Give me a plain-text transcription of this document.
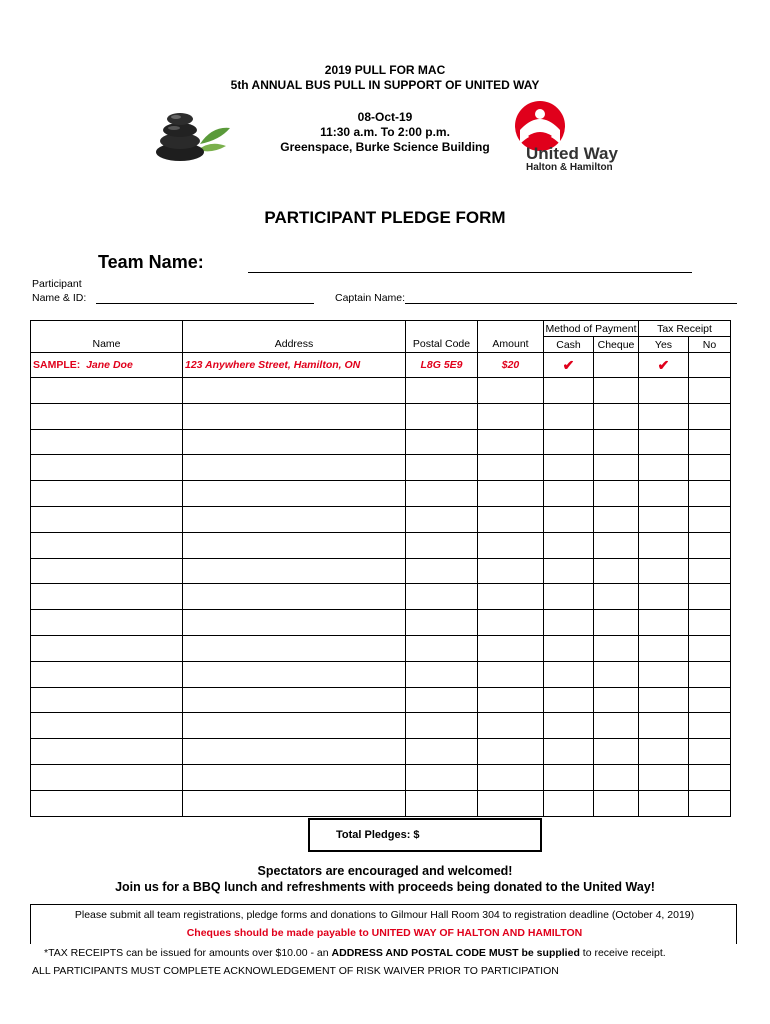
2019 PULL FOR MAC
5th ANNUAL BUS PULL IN SUPPORT OF UNITED WAY
08-Oct-19
11:30 a.m. To 2:00 p.m.
Greenspace, Burke Science Building	United Way
Halton & Hamilton
PARTICIPANT PLEDGE FORM
Team Name:
Participant
Name & ID:	Captain Name:
Name	Address	Postal Code	Amount	Method of Payment		Tax Receipt	
				Cash	Cheque	Yes	No
SAMPLE: Jane Doe	123 Anywhere Street, Hamilton, ON	L8G 5E9	$20	✔		✔	

Total Pledges: $
Spectators are encouraged and welcomed!
Join us for a BBQ lunch and refreshments with proceeds being donated to the United Way!
Please submit all team registrations, pledge forms and donations to Gilmour Hall Room 304 to registration deadline (October 4, 2019)
Cheques should be made payable to UNITED WAY OF HALTON AND HAMILTON
*TAX RECEIPTS can be issued for amounts over $10.00 - an ADDRESS AND POSTAL CODE MUST be supplied to receive receipt.
ALL PARTICIPANTS MUST COMPLETE ACKNOWLEDGEMENT OF RISK WAIVER PRIOR TO PARTICIPATION
